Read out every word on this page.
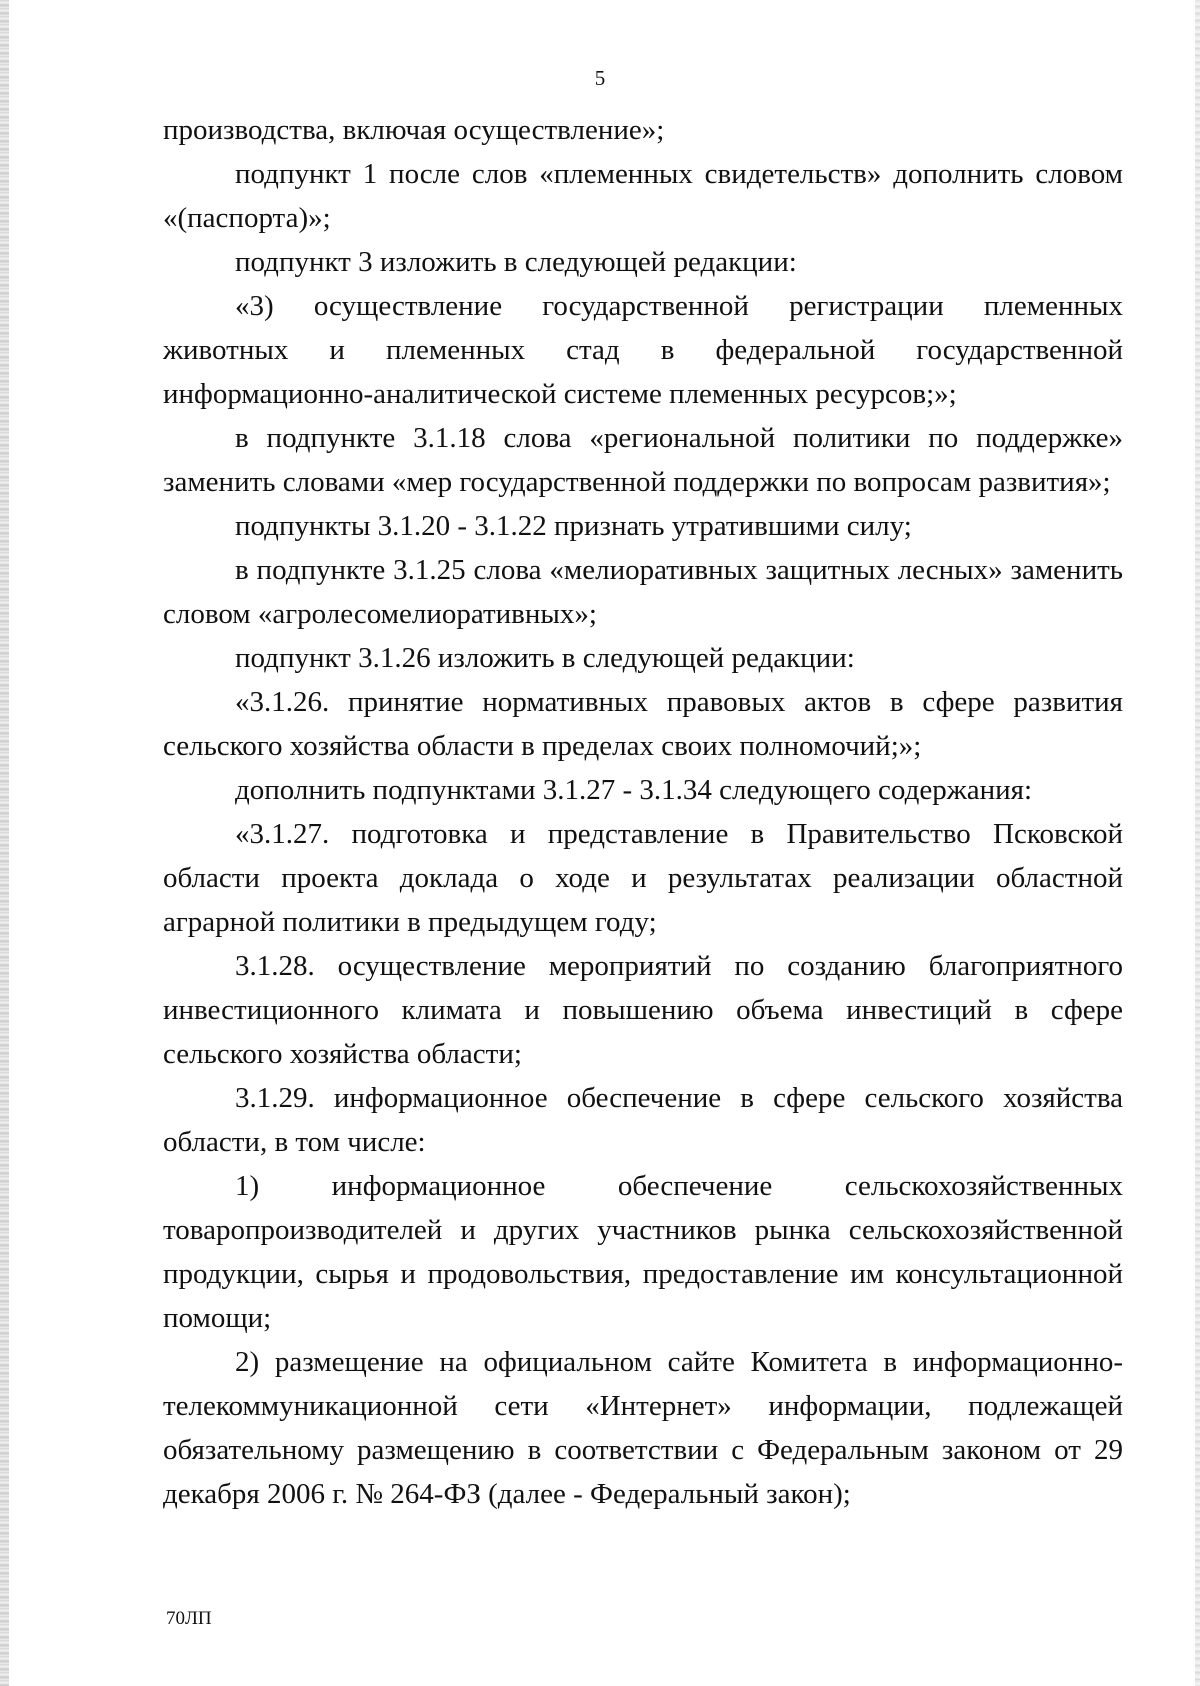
5

производства, включая осуществление»;

подпункт 1 после слов «племенных свидетельств» дополнить словом «(паспорта)»;

подпункт 3 изложить в следующей редакции:

«3) осуществление государственной регистрации племенных животных и племенных стад в федеральной государственной информационно-аналитической системе племенных ресурсов;»;

в подпункте 3.1.18 слова «региональной политики по поддержке» заменить словами «мер государственной поддержки по вопросам развития»;

подпункты 3.1.20 - 3.1.22 признать утратившими силу;

в подпункте 3.1.25 слова «мелиоративных защитных лесных» заменить словом «агролесомелиоративных»;

подпункт 3.1.26 изложить в следующей редакции:

«3.1.26. принятие нормативных правовых актов в сфере развития сельского хозяйства области в пределах своих полномочий;»;

дополнить подпунктами 3.1.27 - 3.1.34 следующего содержания:

«3.1.27. подготовка и представление в Правительство Псковской области проекта доклада о ходе и результатах реализации областной аграрной политики в предыдущем году;

3.1.28. осуществление мероприятий по созданию благоприятного инвестиционного климата и повышению объема инвестиций в сфере сельского хозяйства области;

3.1.29. информационное обеспечение в сфере сельского хозяйства области, в том числе:

1) информационное обеспечение сельскохозяйственных товаропроизводителей и других участников рынка сельскохозяйственной продукции, сырья и продовольствия, предоставление им консультационной помощи;

2) размещение на официальном сайте Комитета в информационно-телекоммуникационной сети «Интернет» информации, подлежащей обязательному размещению в соответствии с Федеральным законом от 29 декабря 2006 г. № 264-ФЗ (далее - Федеральный закон);

70ЛП
